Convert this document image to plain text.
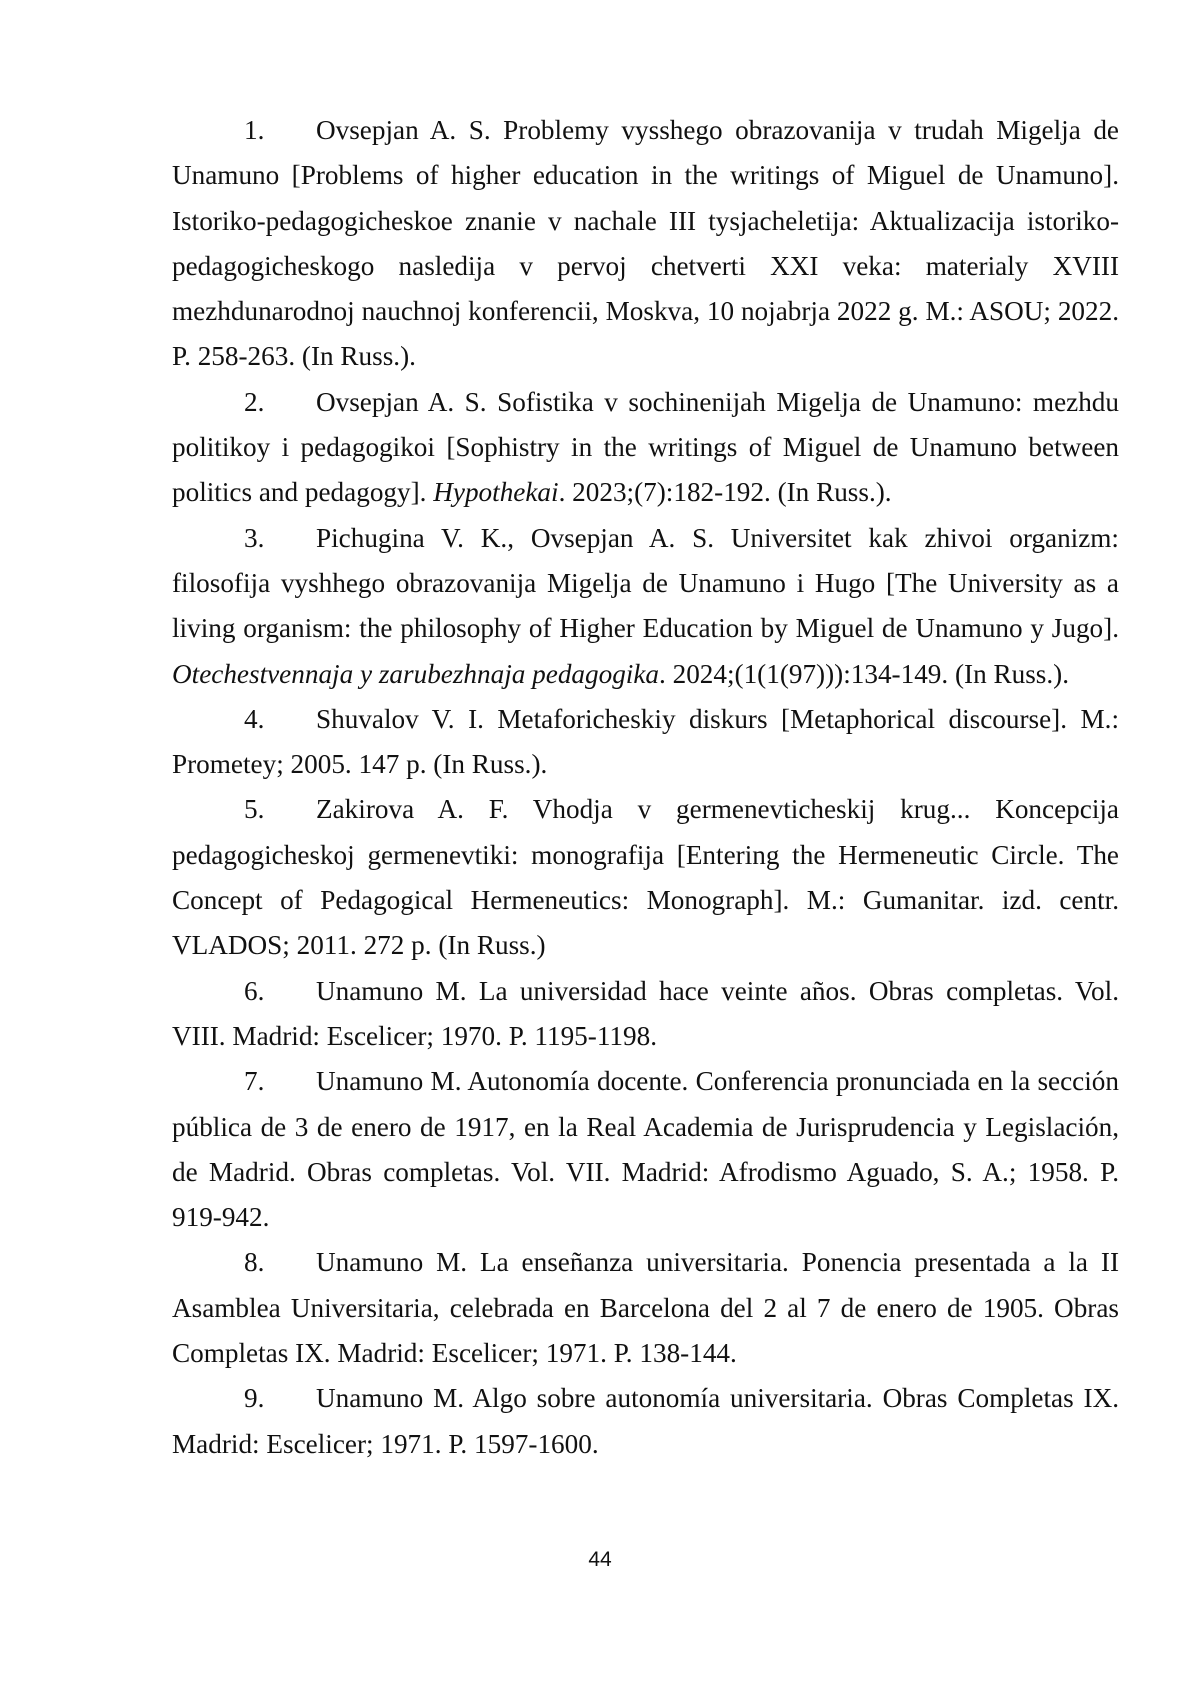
1. Ovsepjan A. S. Problemy vysshego obrazovanija v trudah Migelja de Unamuno [Problems of higher education in the writings of Miguel de Unamuno]. Istoriko-pedagogicheskoe znanie v nachale III tysjacheletija: Aktualizacija istoriko-pedagogicheskogo nasledija v pervoj chetverti XXI veka: materialy XVIII mezhdunarodnoj nauchnoj konferencii, Moskva, 10 nojabrja 2022 g. M.: ASOU; 2022. P. 258-263. (In Russ.).
2. Ovsepjan A. S. Sofistika v sochinenijah Migelja de Unamuno: mezhdu politikoy i pedagogikoi [Sophistry in the writings of Miguel de Unamuno between politics and pedagogy]. Hypothekai. 2023;(7):182-192. (In Russ.).
3. Pichugina V. K., Ovsepjan A. S. Universitet kak zhivoi organizm: filosofija vyshhego obrazovanija Migelja de Unamuno i Hugo [The University as a living organism: the philosophy of Higher Education by Miguel de Unamuno y Jugo]. Otechestvennaja y zarubezhnaja pedagogika. 2024;(1(1(97))):134-149. (In Russ.).
4. Shuvalov V. I. Metaforicheskiy diskurs [Metaphorical discourse]. M.: Prometey; 2005. 147 p. (In Russ.).
5. Zakirova A. F. Vhodja v germenevticheskij krug... Koncepcija pedagogicheskoj germenevtiki: monografija [Entering the Hermeneutic Circle. The Concept of Pedagogical Hermeneutics: Monograph]. M.: Gumanitar. izd. centr. VLADOS; 2011. 272 p. (In Russ.)
6. Unamuno M. La universidad hace veinte años. Obras completas. Vol. VIII. Madrid: Escelicer; 1970. P. 1195-1198.
7. Unamuno M. Autonomía docente. Conferencia pronunciada en la sección pública de 3 de enero de 1917, en la Real Academia de Jurisprudencia y Legislación, de Madrid. Obras completas. Vol. VII. Madrid: Afrodismo Aguado, S. A.; 1958. P. 919-942.
8. Unamuno M. La enseñanza universitaria. Ponencia presentada a la II Asamblea Universitaria, celebrada en Barcelona del 2 al 7 de enero de 1905. Obras Completas IX. Madrid: Escelicer; 1971. P. 138-144.
9. Unamuno M. Algo sobre autonomía universitaria. Obras Completas IX. Madrid: Escelicer; 1971. P. 1597-1600.
44
